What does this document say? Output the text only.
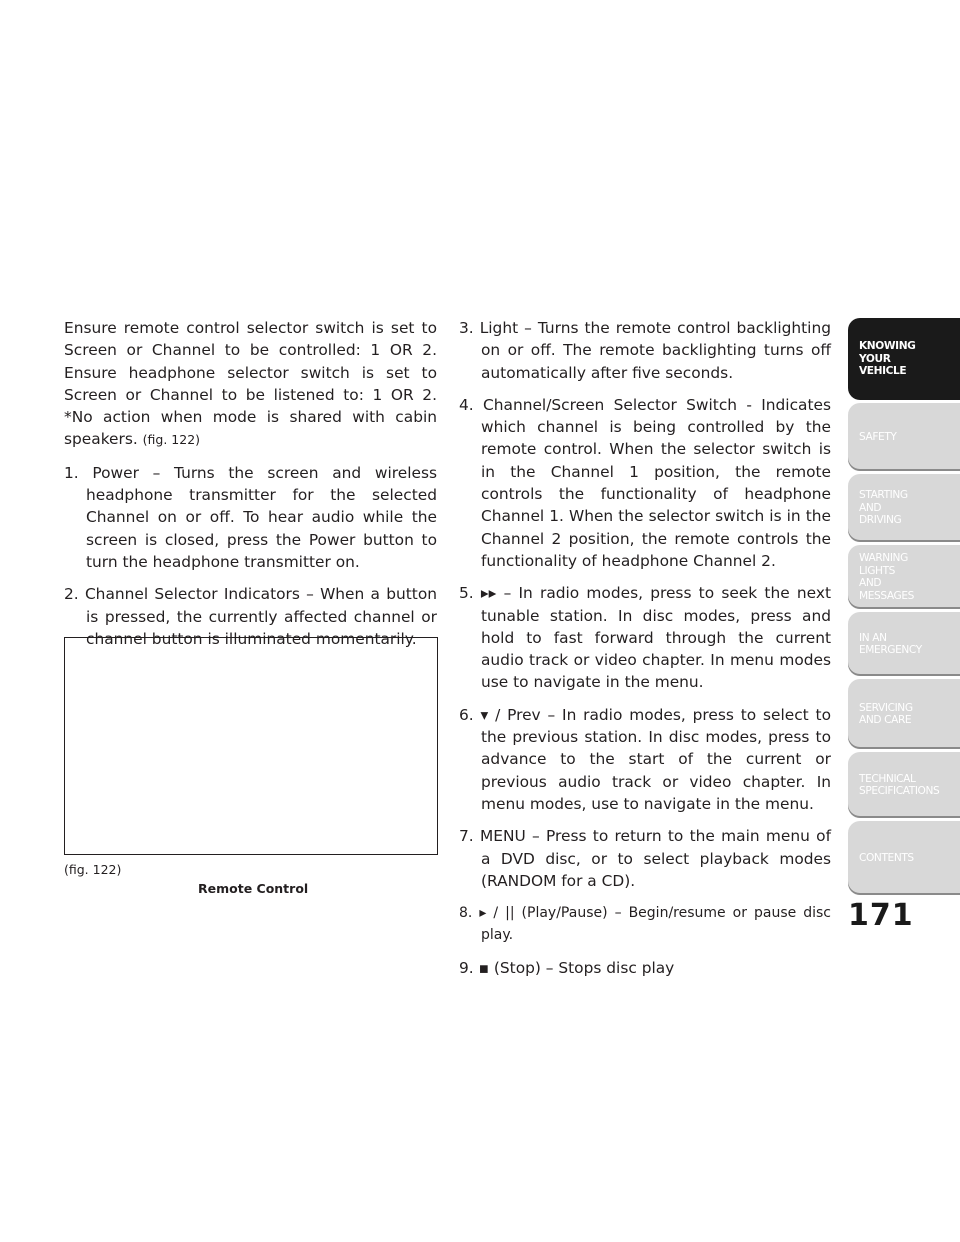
Ensure remote control selector switch is set to Screen or Channel to be controlled: 1 OR 2. Ensure headphone selector switch is set to Screen or Channel to be listened to: 1 OR 2. *No action when mode is shared with cabin speakers. (fig. 122)

1. Power – Turns the screen and wireless headphone transmitter for the selected Channel on or off. To hear audio while the screen is closed, press the Power button to turn the headphone transmitter on.

2. Channel Selector Indicators – When a button is pressed, the currently affected channel or channel button is illuminated momentarily.

(fig. 122)
Remote Control

3. Light – Turns the remote control backlighting on or off. The remote backlighting turns off automatically after five seconds.

4. Channel/Screen Selector Switch - Indicates which channel is being controlled by the remote control. When the selector switch is in the Channel 1 position, the remote controls the functionality of headphone Channel 1. When the selector switch is in the Channel 2 position, the remote controls the functionality of headphone Channel 2.

5. ▸▸ – In radio modes, press to seek the next tunable station. In disc modes, press and hold to fast forward through the current audio track or video chapter. In menu modes use to navigate in the menu.

6. ▾ / Prev – In radio modes, press to select to the previous station. In disc modes, press to advance to the start of the current or previous audio track or video chapter. In menu modes, use to navigate in the menu.

7. MENU – Press to return to the main menu of a DVD disc, or to select playback modes (RANDOM for a CD).

8. ▸ / || (Play/Pause) – Begin/resume or pause disc play.

9. ▪ (Stop) – Stops disc play

KNOWING
YOUR
VEHICLE
SAFETY
STARTING
AND
DRIVING
WARNING
LIGHTS
AND
MESSAGES
IN AN
EMERGENCY
SERVICING
AND CARE
TECHNICAL
SPECIFICATIONS
CONTENTS
171
